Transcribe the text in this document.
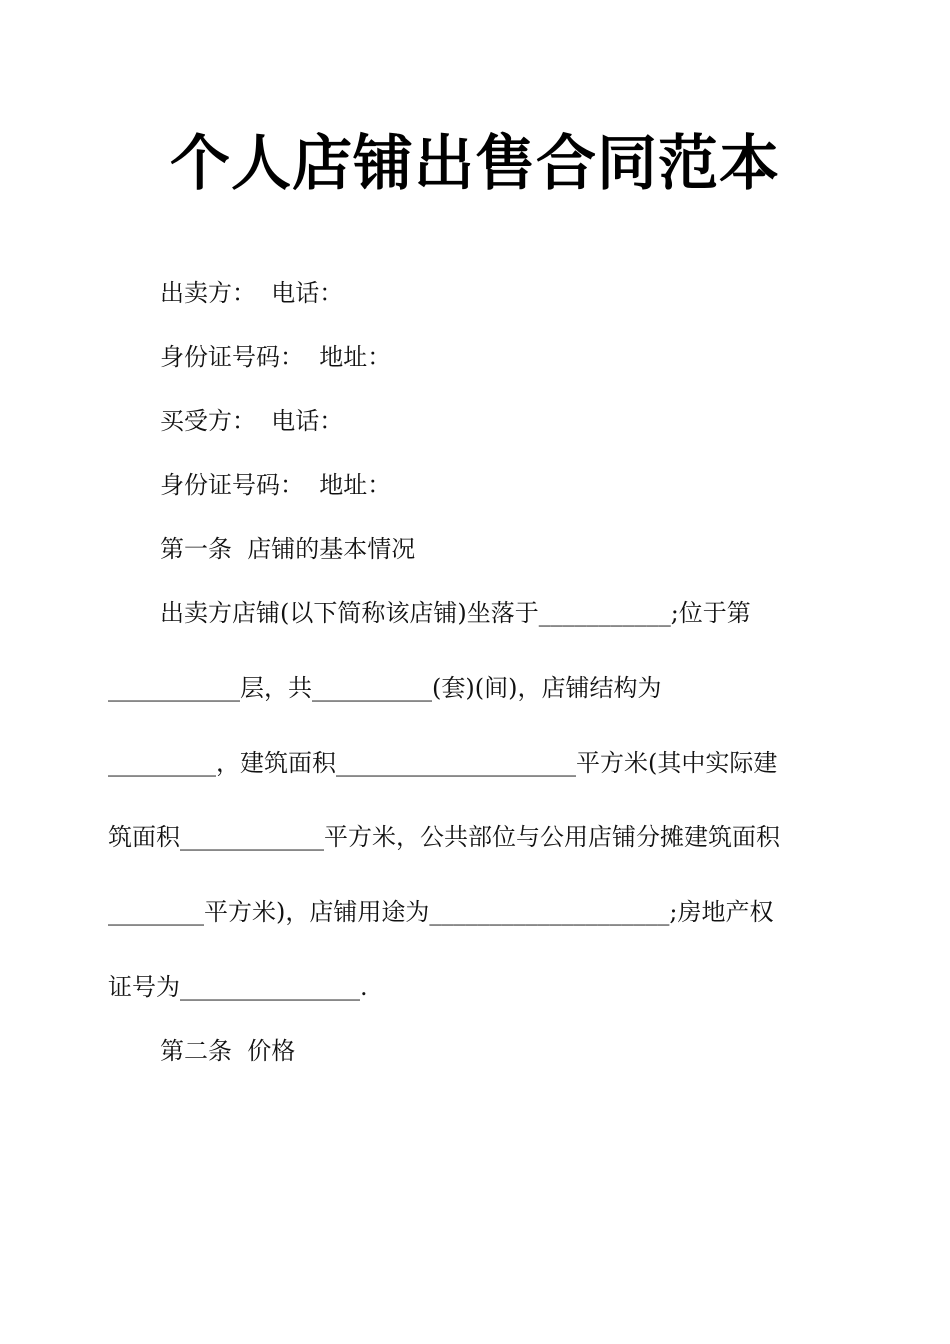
个人店铺出售合同范本

出卖方：  电话：

身份证号码：  地址：

买受方：  电话：

身份证号码：  地址：

第一条  店铺的基本情况

出卖方店铺(以下简称该店铺)坐落于___________;位于第

___________层，共__________(套)(间)，店铺结构为

_________，建筑面积____________________平方米(其中实际建

筑面积____________平方米，公共部位与公用店铺分摊建筑面积

________平方米)，店铺用途为____________________;房地产权

证号为_______________.

第二条  价格
